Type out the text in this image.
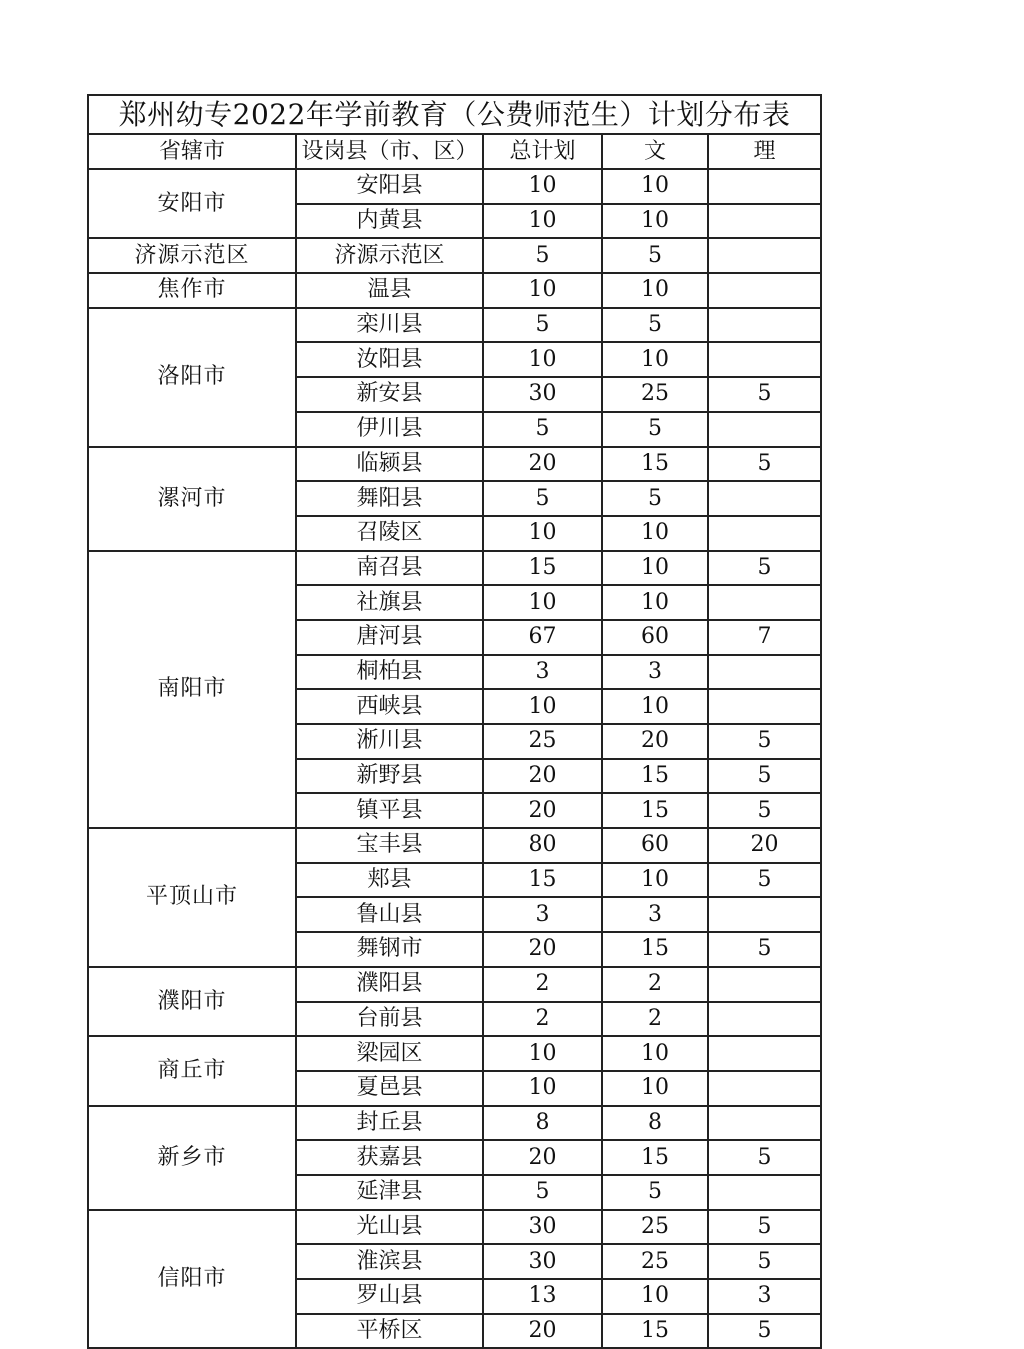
郑州幼专2022年学前教育（公费师范生）计划分布表				
省辖市	设岗县（市、区）	总计划	文	理
安阳市	安阳县	10	10	
	内黄县	10	10	
济源示范区	济源示范区	5	5	
焦作市	温县	10	10	
洛阳市	栾川县	5	5	
	汝阳县	10	10	
	新安县	30	25	5
	伊川县	5	5	
漯河市	临颍县	20	15	5
	舞阳县	5	5	
	召陵区	10	10	
南阳市	南召县	15	10	5
	社旗县	10	10	
	唐河县	67	60	7
	桐柏县	3	3	
	西峡县	10	10	
	淅川县	25	20	5
	新野县	20	15	5
	镇平县	20	15	5
平顶山市	宝丰县	80	60	20
	郏县	15	10	5
	鲁山县	3	3	
	舞钢市	20	15	5
濮阳市	濮阳县	2	2	
	台前县	2	2	
商丘市	梁园区	10	10	
	夏邑县	10	10	
新乡市	封丘县	8	8	
	获嘉县	20	15	5
	延津县	5	5	
信阳市	光山县	30	25	5
	淮滨县	30	25	5
	罗山县	13	10	3
	平桥区	20	15	5
